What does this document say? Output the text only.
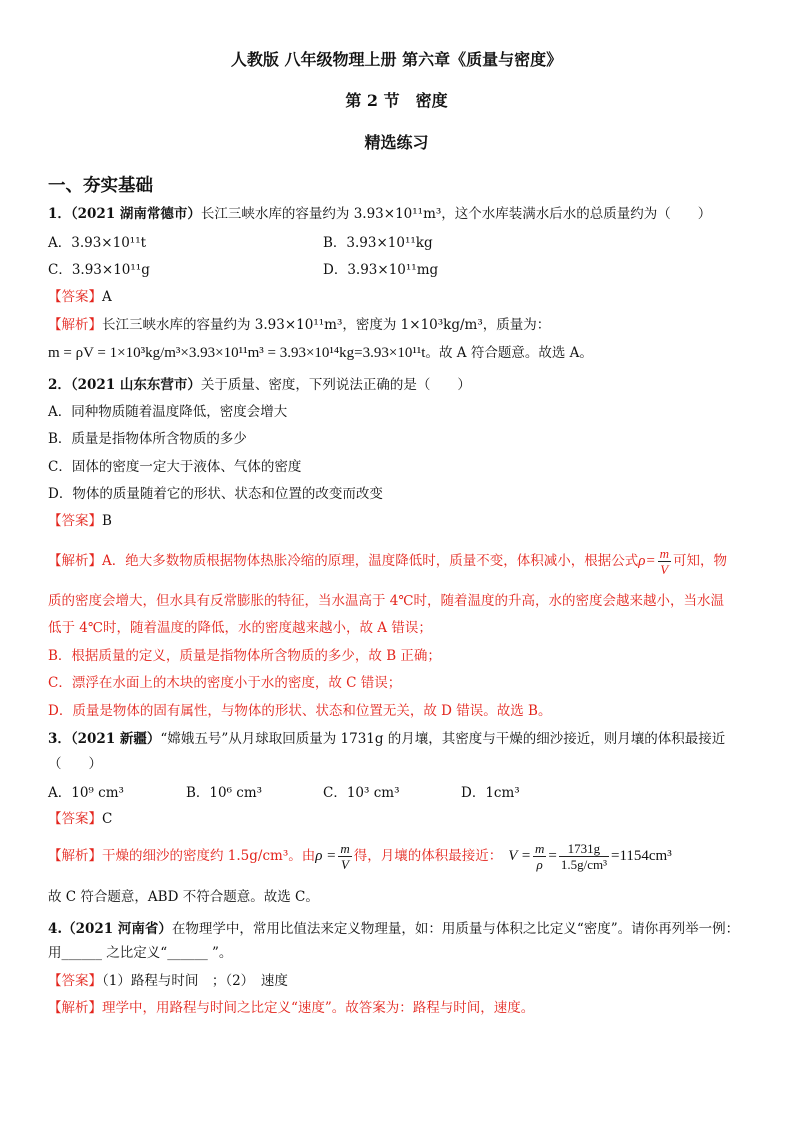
人教版 八年级物理上册 第六章《质量与密度》
第 2 节　密度
精选练习
一、夯实基础
1．（2021 湖南常德市）长江三峡水库的容量约为 3.93×10¹¹m³，这个水库装满水后水的总质量约为（　　）
A．3.93×10¹¹t	B．3.93×10¹¹kg
C．3.93×10¹¹g	D．3.93×10¹¹mg
【答案】A
【解析】长江三峡水库的容量约为 3.93×10¹¹m³，密度为 1×10³kg/m³，质量为：
m = ρV = 1×10³kg/m³×3.93×10¹¹m³ = 3.93×10¹⁴kg=3.93×10¹¹t。故 A 符合题意。故选 A。
2．（2021 山东东营市）关于质量、密度，下列说法正确的是（　　）
A．同种物质随着温度降低，密度会增大
B．质量是指物体所含物质的多少
C．固体的密度一定大于液体、气体的密度
D．物体的质量随着它的形状、状态和位置的改变而改变
【答案】B
【解析】A．绝大多数物质根据物体热胀冷缩的原理，温度降低时，质量不变，体积减小，根据公式$\rho= \frac{m}{V}$ 可知，物
质的密度会增大，但水具有反常膨胀的特征，当水温高于 4℃时，随着温度的升高，水的密度会越来越小，当水温
低于 4℃时，随着温度的降低，水的密度越来越小，故 A 错误；
B．根据质量的定义，质量是指物体所含物质的多少，故 B 正确；
C．漂浮在水面上的木块的密度小于水的密度，故 C 错误；
D．质量是物体的固有属性，与物体的形状、状态和位置无关，故 D 错误。故选 B。
3．（2021 新疆）“嫦娥五号”从月球取回质量为 1731g 的月壤，其密度与干燥的细沙接近，则月壤的体积最接近
（　　）
A．10⁹ cm³	B．10⁶ cm³	C．10³ cm³	D．1cm³
【答案】C
【解析】干燥的细沙的密度约 1.5g/cm³。由$\rho = \frac{m}{V}$ 得，月壤的体积最接近： $V = \frac{m}{\rho} = \frac{1731g}{\text{1.5g/cm³}} =1154cm^3$
故 C 符合题意，ABD 不符合题意。故选 C。
4.（2021 河南省）在物理学中，常用比值法来定义物理量，如：用质量与体积之比定义“密度”。请你再列举一例：
用______ 之比定义“______ ”。
【答案】（1）路程与时间　；（2）　速度
【解析】理学中，用路程与时间之比定义“速度”。故答案为：路程与时间，速度。
